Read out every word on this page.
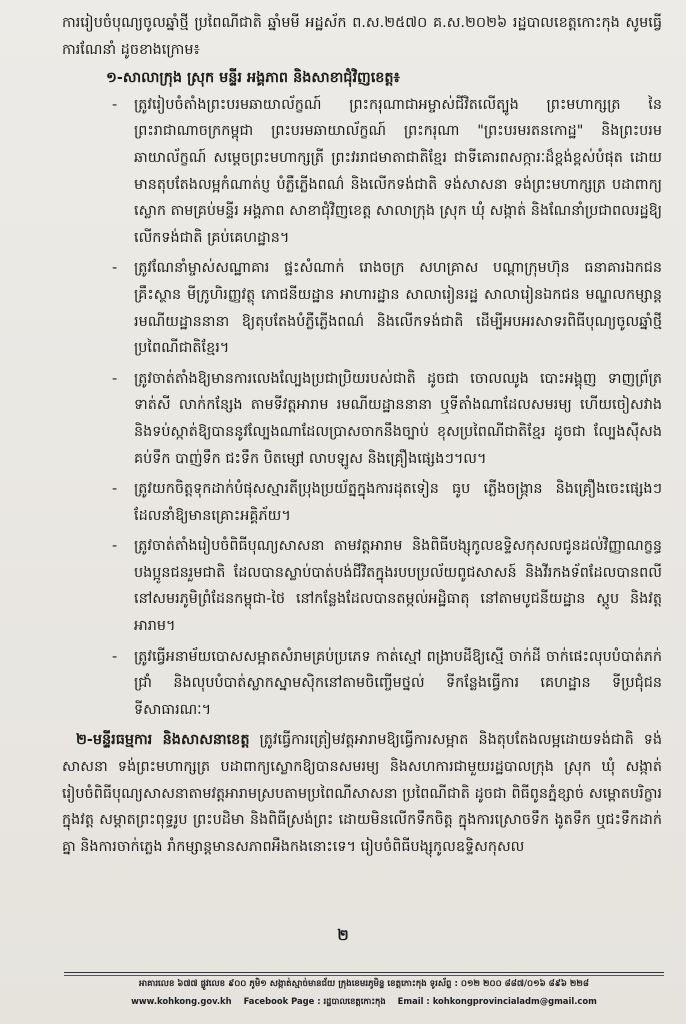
ការរៀបចំបុណ្យចូលឆ្នាំថ្មី ប្រពៃណីជាតិ ឆ្នាំមមី អដ្ឋស័ក ព.ស.២៥៧០ គ.ស.២០២៦ រដ្ឋបាលខេត្តកោះកុង សូមធ្វើការណែនាំ ដូចខាងក្រោម៖

១-សាលាក្រុង ស្រុក មន្ទីរ អង្គភាព និងសាខាជុំវិញខេត្ត៖

- ត្រូវរៀបចំតាំងព្រះបរមឆាយាល័ក្ខណ៍ ព្រះករុណាជាអម្ចាស់ជីវិតលើត្បូង ព្រះមហាក្សត្រ នៃព្រះរាជាណាចក្រកម្ពុជា ព្រះបរមឆាយាល័ក្ខណ៍ ព្រះករុណា "ព្រះបរមរតនកោដ្ឋ" និងព្រះបរមឆាយាល័ក្ខណ៍ សម្តេចព្រះមហាក្សត្រី ព្រះវររាជមាតាជាតិខ្មែរ ជាទីគោរពសក្ការៈដ៏ខ្ពង់ខ្ពស់បំផុត ដោយមានតុបតែងលម្អកំណាត់ប្ញ បំភ្លឺភ្លើងពណ៌ និងលើកទង់ជាតិ ទង់សាសនា ទង់ព្រះមហាក្សត្រ បដាពាក្យស្លោក តាមគ្រប់មន្ទីរ អង្គភាព សាខាជុំវិញខេត្ត សាលាក្រុង ស្រុក ឃុំ សង្កាត់ និងណែនាំប្រជាពលរដ្ឋឱ្យលើកទង់ជាតិ គ្រប់គេហដ្ឋាន។
- ត្រូវណែនាំម្ចាស់សណ្ឋាគារ ផ្ទះសំណាក់ រោងចក្រ សហគ្រាស បណ្តាក្រុមហ៊ុន ធនាគារឯកជន គ្រឹះស្ថាន មីក្រូហិរញ្ញវត្ថុ ភោជនីយដ្ឋាន អាហារដ្ឋាន សាលារៀនរដ្ឋ សាលារៀនឯកជន មណ្ឌលកម្សាន្ត រមណីយដ្ឋាននានា ឱ្យតុបតែងបំភ្លឺភ្លើងពណ៌ និងលើកទង់ជាតិ ដើម្បីអបអរសាទរពិធីបុណ្យចូលឆ្នាំថ្មី ប្រពៃណីជាតិខ្មែរ។
- ត្រូវចាត់តាំងឱ្យមានការលេងល្បែងប្រជាប្រិយរបស់ជាតិ ដូចជា ចោលឈូង បោះអង្គុញ ទាញព្រ័ត្រ ទាត់សី លាក់កន្សែង តាមទីវត្តអារាម រមណីយដ្ឋាននានា ឬទីតាំងណាដែលសមរម្យ ហើយចៀសវាង និងទប់ស្កាត់ឱ្យបាននូវល្បែងណាដែលប្រាសចាកនឹងច្បាប់ ខុសប្រពៃណីជាតិខ្មែរ ដូចជា ល្បែងស៊ីសង គប់ទឹក បាញ់ទឹក ជះទឹក បិតម្សៅ លាបឡូស និងគ្រឿងផ្សេងៗ។ល។
- ត្រូវយកចិត្តទុកដាក់បំផុសស្មារតីប្រុងប្រយ័ត្នក្នុងការដុតទៀន ធូប ភ្លើងចង្រ្កាន និងគ្រឿងចេះផ្សេងៗ ដែលនាំឱ្យមានគ្រោះអគ្គិភ័យ។
- ត្រូវចាត់តាំងរៀបចំពិធីបុណ្យសាសនា តាមវត្តអារាម និងពិធីបង្សុកូលឧទ្ទិសកុសលជូនដល់វិញ្ញាណក្ខន្ធ បងប្អូនជនរួមជាតិ ដែលបានស្លាប់បាត់បង់ជីវិតក្នុងរបបប្រល័យពូជសាសន៍ និងវីរកងទ័ពដែលបានពលីនៅសមរភូមិព្រំដែនកម្ពុជា-ថៃ នៅកន្លែងដែលបានតម្កល់អដ្ឋិធាតុ នៅតាមបូជនីយដ្ឋាន ស្តូប និងវត្តអារាម។
- ត្រូវធ្វើអនាម័យបោសសម្អាតសំរាមគ្រប់ប្រភេទ កាត់ស្មៅ ពង្រាបដីឱ្យស្មើ ចាក់ដី ចាក់ផេះលុបបំបាត់ភក់ជ្រាំ និងលុបបំបាត់ស្លាកស្នាមស៊ិកនៅតាមចិញ្ចើមថ្នល់ ទីកន្លែងធ្វើការ គេហដ្ឋាន ទីប្រជុំជន ទីសាធារណៈ។

២-មន្ទីរធម្មការ និងសាសនាខេត្ត ត្រូវធ្វើ​ការ​ត្រៀម​វត្ត​អារាម​ឱ្យ​ធ្វើការសម្អាត និងតុបតែងលម្អដោយទង់ជាតិ ទង់សាសនា ទង់ព្រះមហាក្សត្រ បដាពាក្យស្លោកឱ្យបានសមរម្យ និងសហការជាមួយរដ្ឋបាលក្រុង ស្រុក ឃុំ សង្កាត់ រៀបចំពិធីបុណ្យសាសនាតាមវត្តអារាមស្របតាមប្រពៃណីសាសនា ប្រពៃណីជាតិ ដូចជា ពិធីពូនភ្នំខ្សាច់ សម្ពោតបរិក្ខារក្នុងវត្ត សម្តាតព្រះពុទ្ធរូប ព្រះបដិមា និងពិធីស្រង់ព្រះ ដោយមិនលើកទឹកចិត្ត ក្នុងការស្រោចទឹក ងូតទឹក ឬជះទឹកដាក់គ្នា និងការចាក់ភ្លេង រាំកម្សាន្តមានសភាពអឺងកងនោះទេ។ រៀបចំពិធីបង្សុកូលឧទ្ទិសកុសល

២
អាគារលេខ ៦៧៧ ផ្លូវលេខ ៩០០ ភូមិ១ សង្កាត់ស្មាច់មានជ័យ ក្រុងខេមរភូមិន្ទ ខេត្តកោះកុង ទូរស័ព្ទ : ០១២ ២០០ ៨៨៧/០១៦ ៨៩៦ ២២៨
www.kohkong.gov.kh Facebook Page : រដ្ឋបាលខេត្តកោះកុង Email : kohkongprovincialadm@gmail.com
